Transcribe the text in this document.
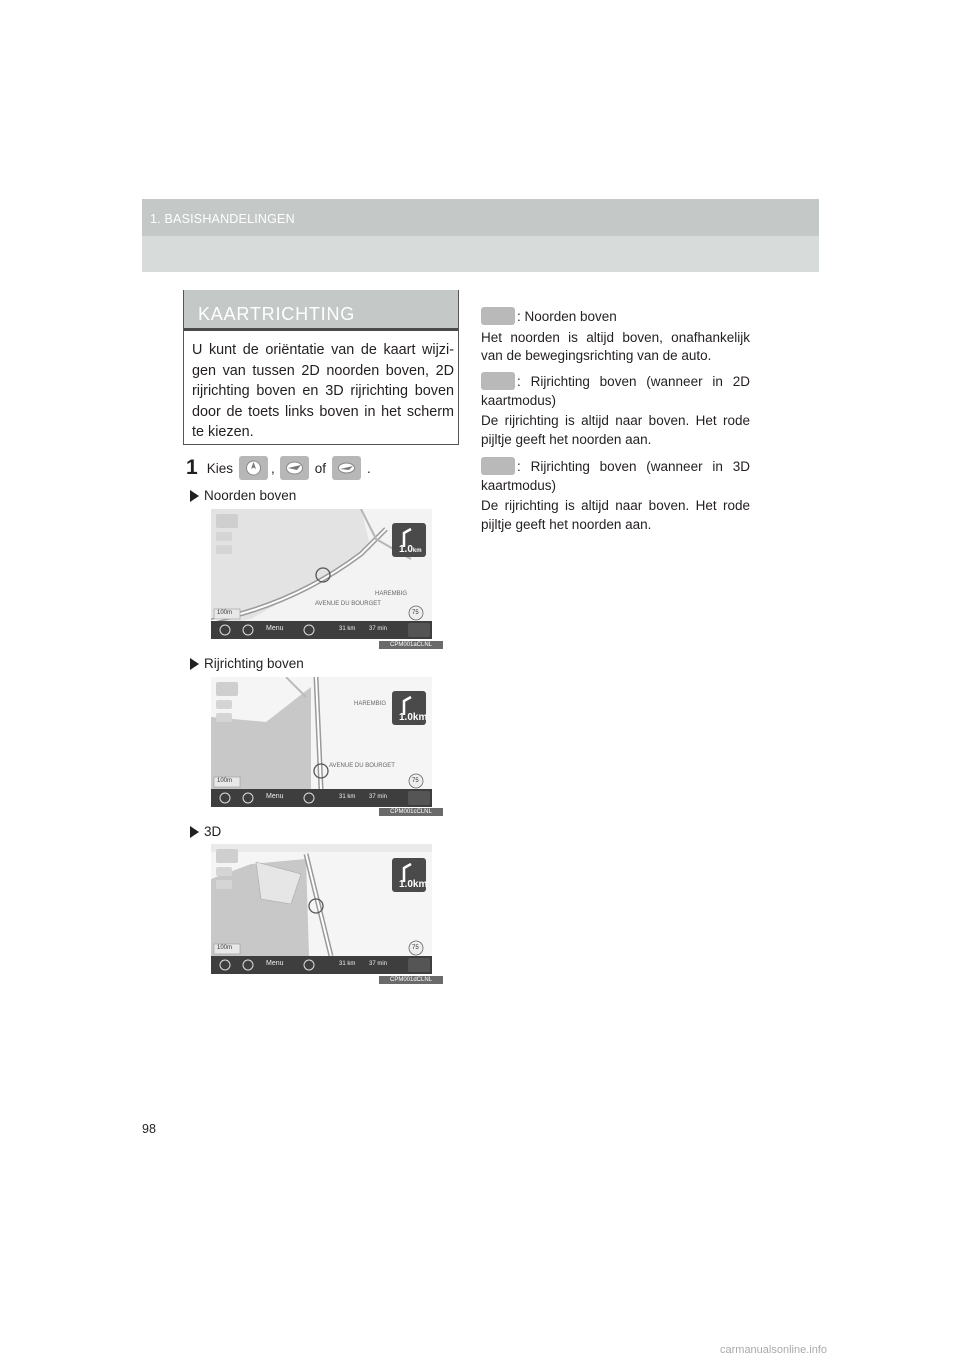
1. BASISHANDELINGEN
KAARTRICHTING

U kunt de oriëntatie van de kaart wijzi-gen van tussen 2D noorden boven, 2D rijrichting boven en 3D rijrichting boven door de toets links boven in het scherm te kiezen.

1 Kies	,	of	.
Noorden boven
AVENUE DU BOURGET
HAREMBIG
1.0km
100m	75
Menu	31 km 37 min
CPM001aCLNL
Rijrichting boven
HAREMBIG
AVENUE DU BOURGET
1.0km
100m	75
Menu	31 km 37 min
CPM001cCLNL
3D
1.0km
100m	75
Menu	31 km 37 min
CPM001dCLNL
: Noorden boven
Het noorden is altijd boven, onafhankelijk van de bewegingsrichting van de auto.
: Rijrichting boven (wanneer in 2D kaartmodus)
De rijrichting is altijd naar boven. Het rode pijltje geeft het noorden aan.
: Rijrichting boven (wanneer in 3D kaartmodus)
De rijrichting is altijd naar boven. Het rode pijltje geeft het noorden aan.
98
carmanualsonline.info
